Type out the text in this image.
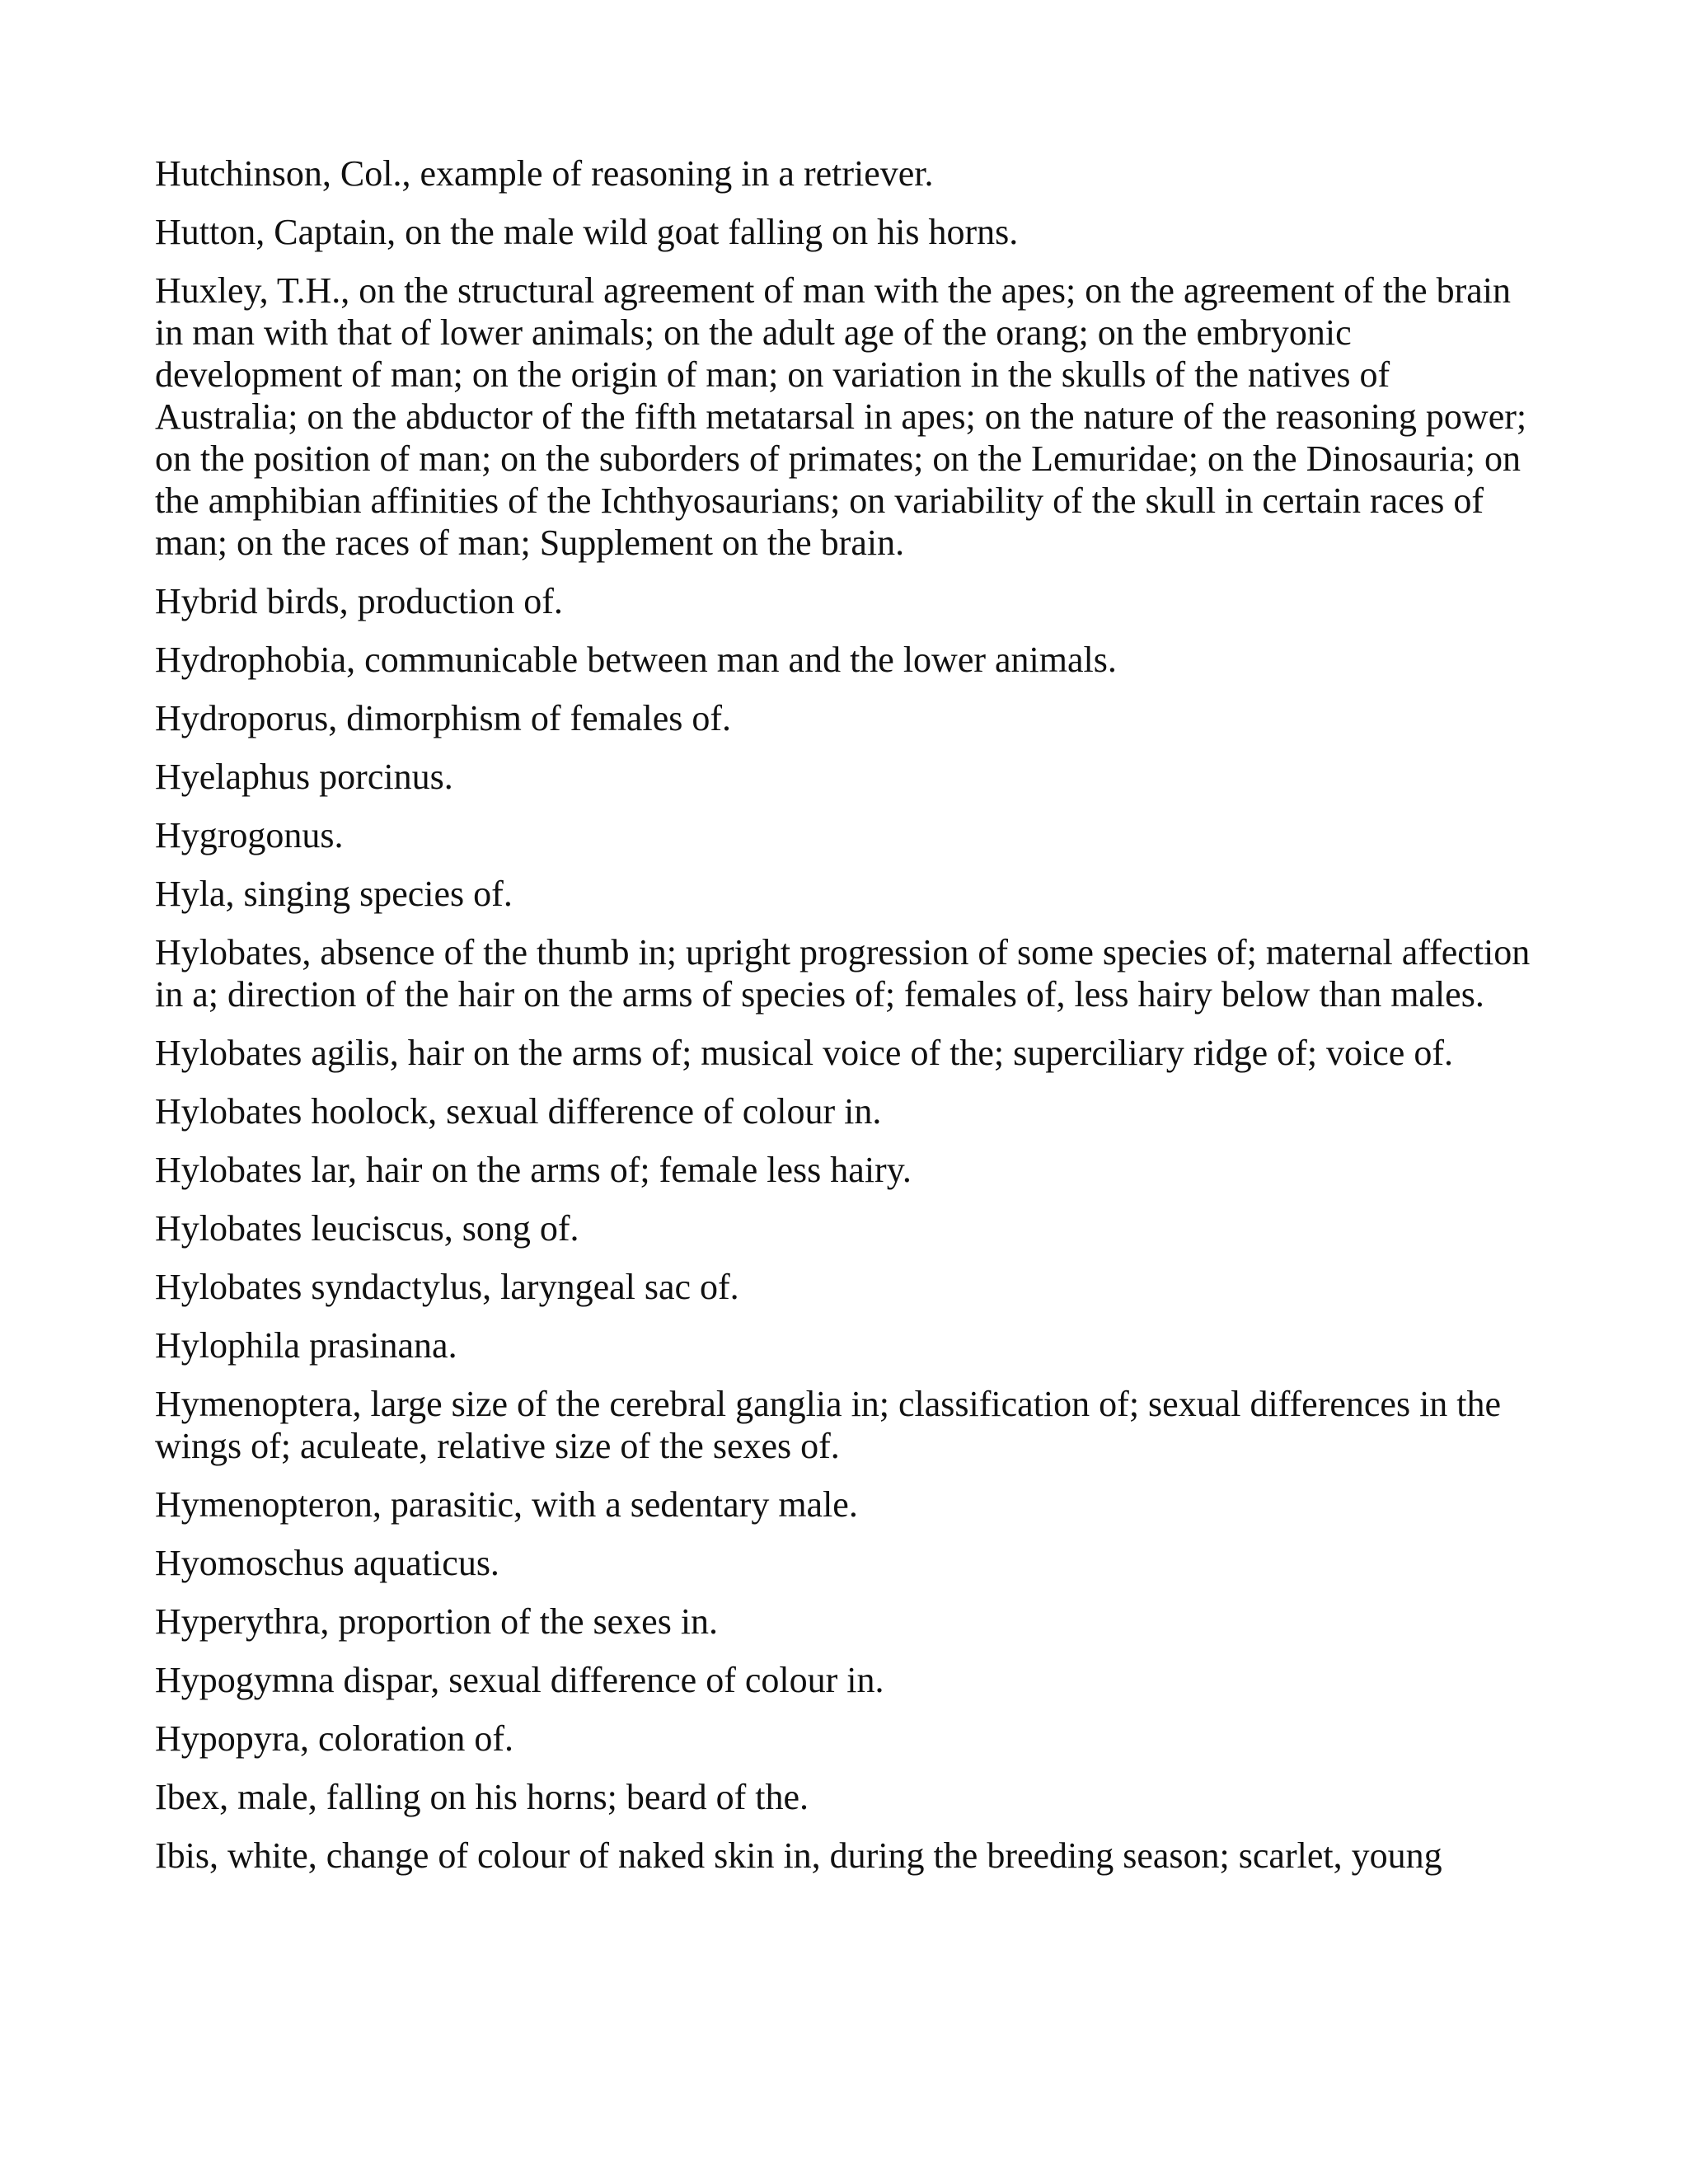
Hutchinson, Col., example of reasoning in a retriever.

Hutton, Captain, on the male wild goat falling on his horns.

Huxley, T.H., on the structural agreement of man with the apes; on the agreement of the brain in man with that of lower animals; on the adult age of the orang; on the embryonic development of man; on the origin of man; on variation in the skulls of the natives of Australia; on the abductor of the fifth metatarsal in apes; on the nature of the reasoning power; on the position of man; on the suborders of primates; on the Lemuridae; on the Dinosauria; on the amphibian affinities of the Ichthyosaurians; on variability of the skull in certain races of man; on the races of man; Supplement on the brain.

Hybrid birds, production of.

Hydrophobia, communicable between man and the lower animals.

Hydroporus, dimorphism of females of.

Hyelaphus porcinus.

Hygrogonus.

Hyla, singing species of.

Hylobates, absence of the thumb in; upright progression of some species of; maternal affection in a; direction of the hair on the arms of species of; females of, less hairy below than males.

Hylobates agilis, hair on the arms of; musical voice of the; superciliary ridge of; voice of.

Hylobates hoolock, sexual difference of colour in.

Hylobates lar, hair on the arms of; female less hairy.

Hylobates leuciscus, song of.

Hylobates syndactylus, laryngeal sac of.

Hylophila prasinana.

Hymenoptera, large size of the cerebral ganglia in; classification of; sexual differences in the wings of; aculeate, relative size of the sexes of.

Hymenopteron, parasitic, with a sedentary male.

Hyomoschus aquaticus.

Hyperythra, proportion of the sexes in.

Hypogymna dispar, sexual difference of colour in.

Hypopyra, coloration of.

Ibex, male, falling on his horns; beard of the.

Ibis, white, change of colour of naked skin in, during the breeding season; scarlet, young
